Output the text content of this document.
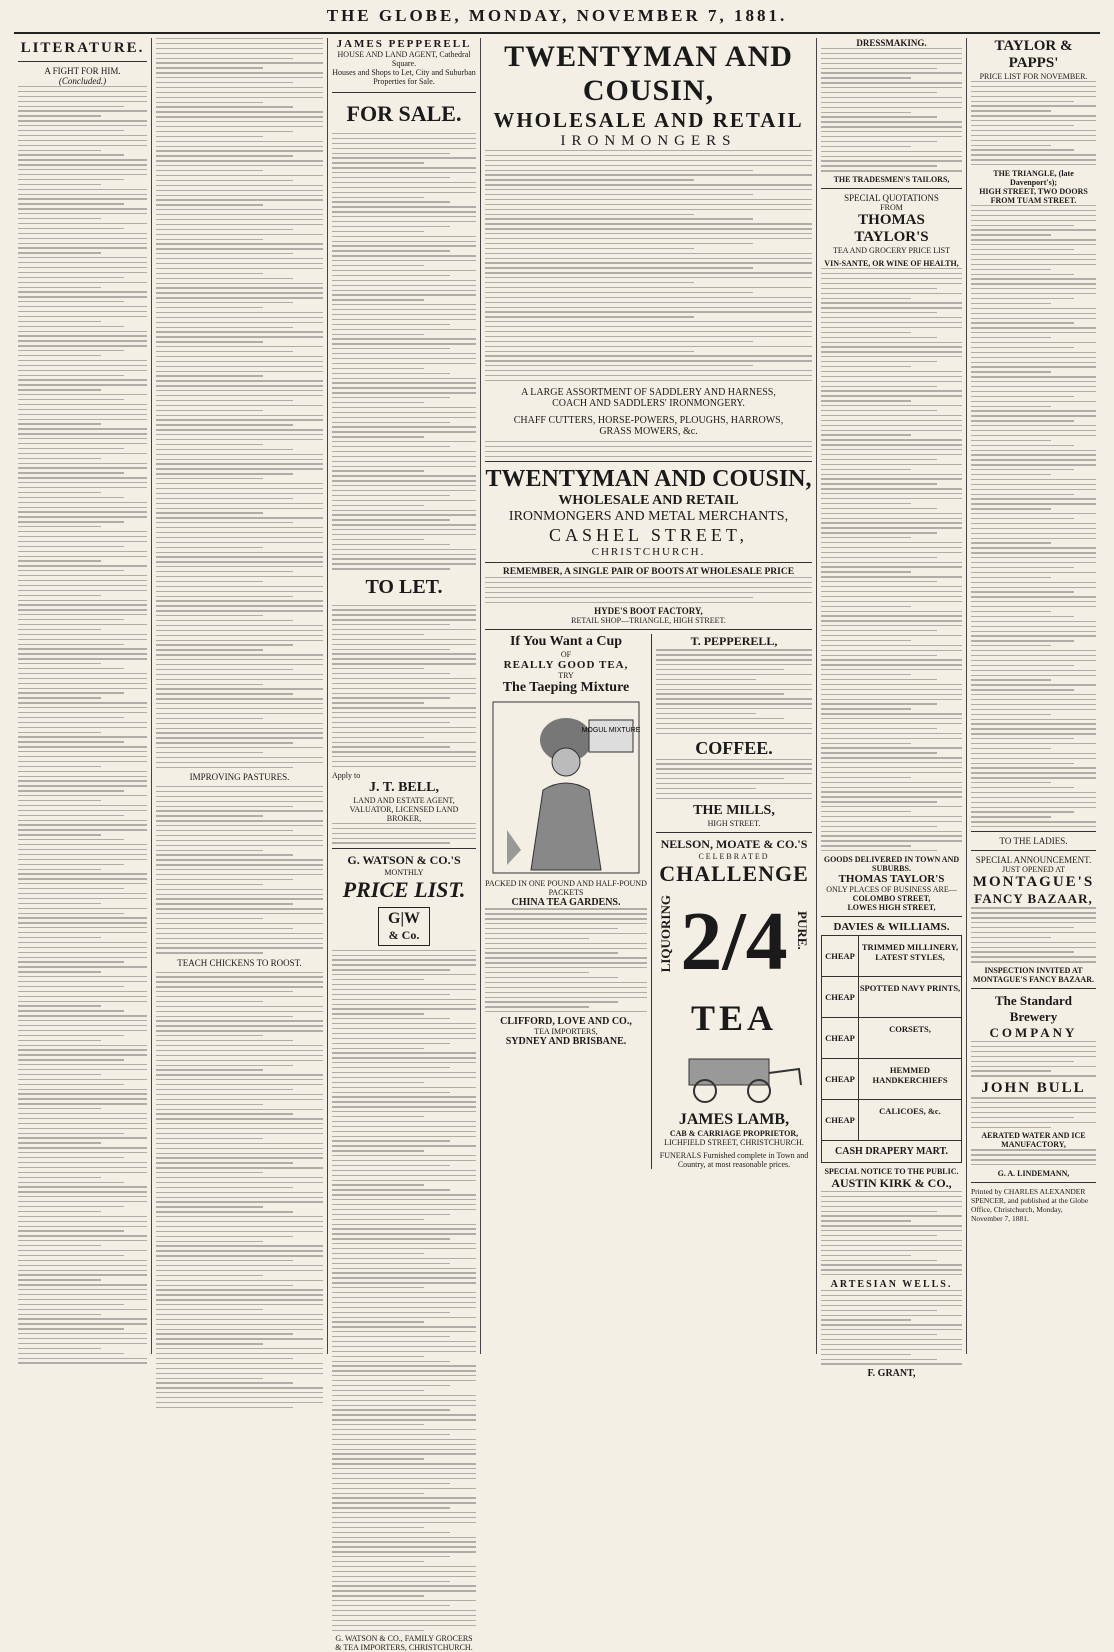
THE GLOBE, MONDAY, NOVEMBER 7, 1881.
LITERATURE.
A FIGHT FOR HIM.
(Concluded.)
IMPROVING PASTURES.
TEACH CHICKENS TO ROOST.
JAMES PEPPERELL
HOUSE AND LAND AGENT, Cathedral Square.
Houses and Shops to Let, City and Suburban Properties for Sale.
FOR SALE.
TO LET.
Apply to
J. T. BELL,
LAND AND ESTATE AGENT, VALUATOR, LICENSED LAND BROKER,
G. WATSON & CO.'S
MONTHLY
PRICE LIST.
G|W
& Co.
G. WATSON & CO., FAMILY GROCERS & TEA IMPORTERS, CHRISTCHURCH.
TWENTYMAN AND COUSIN,
WHOLESALE AND RETAIL
IRONMONGERS
A LARGE ASSORTMENT OF SADDLERY AND HARNESS, COACH AND SADDLERS' IRONMONGERY.
CHAFF CUTTERS, HORSE-POWERS, PLOUGHS, HARROWS, GRASS MOWERS, &c.
TWENTYMAN AND COUSIN,
WHOLESALE AND RETAIL
IRONMONGERS AND METAL MERCHANTS,
CASHEL STREET,
CHRISTCHURCH.
REMEMBER, A SINGLE PAIR OF BOOTS AT WHOLESALE PRICE
HYDE'S BOOT FACTORY,
RETAIL SHOP—TRIANGLE, HIGH STREET.
If You Want a Cup
OF
REALLY GOOD TEA,
TRY
The Taeping Mixture
MOGUL MIXTURE
PACKED IN ONE POUND AND HALF-POUND PACKETS
CHINA TEA GARDENS.
CLIFFORD, LOVE AND CO.,
TEA IMPORTERS,
SYDNEY AND BRISBANE.
T. PEPPERELL,
COFFEE.
THE MILLS,
HIGH STREET.
NELSON, MOATE & CO.'S
CELEBRATED
CHALLENGE
LIQUORING 2/4 PURE.
TEA
JAMES LAMB,
CAB & CARRIAGE PROPRIETOR,
LICHFIELD STREET, CHRISTCHURCH.
FUNERALS Furnished complete in Town and Country, at most reasonable prices.
DRESSMAKING.
THE TRADESMEN'S TAILORS,
SPECIAL QUOTATIONS
FROM
THOMAS TAYLOR'S
TEA AND GROCERY PRICE LIST
VIN-SANTE, OR WINE OF HEALTH,
GOODS DELIVERED IN TOWN AND SUBURBS.
THOMAS TAYLOR'S
ONLY PLACES OF BUSINESS ARE—
COLOMBO STREET,
LOWES HIGH STREET,
DAVIES & WILLIAMS.
CHEAP
TRIMMED MILLINERY, LATEST STYLES,
CHEAP
SPOTTED NAVY PRINTS,
CHEAP
CORSETS,
CHEAP
HEMMED HANDKERCHIEFS
CHEAP
CALICOES, &c.
CASH DRAPERY MART.
SPECIAL NOTICE TO THE PUBLIC.
AUSTIN KIRK & CO.,
ARTESIAN WELLS.
F. GRANT,
TAYLOR & PAPPS'
PRICE LIST FOR NOVEMBER.
THE TRIANGLE, (late Davenport's);
HIGH STREET, TWO DOORS FROM TUAM STREET.
TO THE LADIES.
SPECIAL ANNOUNCEMENT.
JUST OPENED AT
MONTAGUE'S
FANCY BAZAAR,
INSPECTION INVITED AT MONTAGUE'S FANCY BAZAAR.
The Standard Brewery
COMPANY
JOHN BULL
AERATED WATER AND ICE MANUFACTORY,
G. A. LINDEMANN,
Printed by CHARLES ALEXANDER SPENCER, and published at the Globe Office, Christchurch, Monday, November 7, 1881.
